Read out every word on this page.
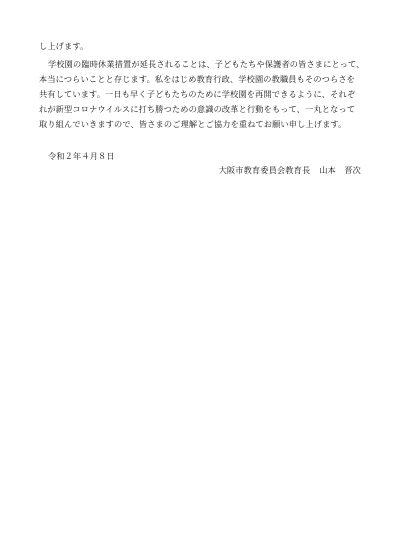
し上げます。
学校園の臨時休業措置が延長されることは、子どもたちや保護者の皆さまにとって、
本当につらいことと存じます。私をはじめ教育行政、学校園の教職員もそのつらさを
共有しています。一日も早く子どもたちのために学校園を再開できるように、それぞ
れが新型コロナウイルスに打ち勝つための意識の改革と行動をもって、一丸となって
取り組んでいきますので、皆さまのご理解とご協力を重ねてお願い申し上げます。
令和２年４月８日
大阪市教育委員会教育長 山本　晋次
